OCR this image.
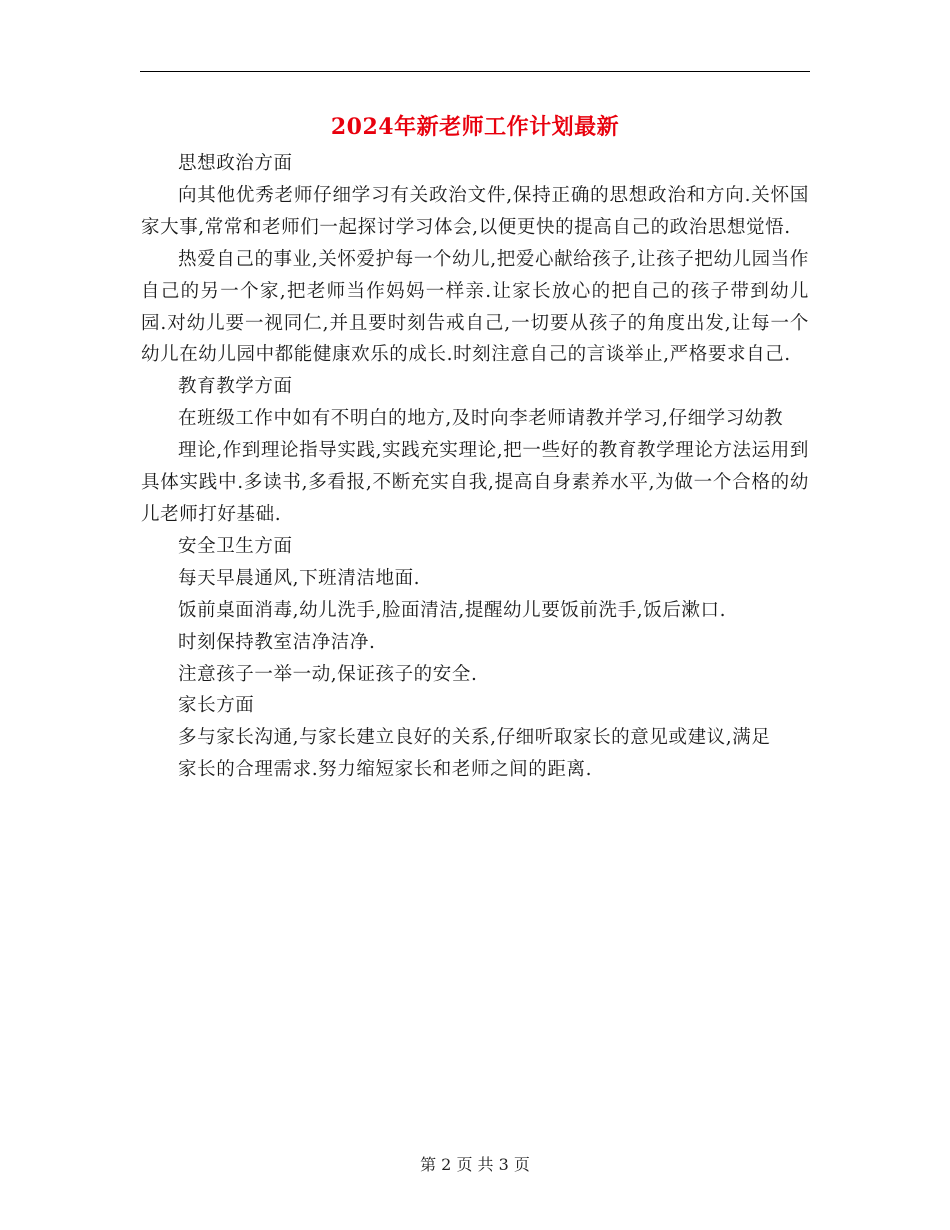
2024年新老师工作计划最新

思想政治方面

向其他优秀老师仔细学习有关政治文件,保持正确的思想政治和方向.关怀国家大事,常常和老师们一起探讨学习体会,以便更快的提高自己的政治思想觉悟.

热爱自己的事业,关怀爱护每一个幼儿,把爱心献给孩子,让孩子把幼儿园当作自己的另一个家,把老师当作妈妈一样亲.让家长放心的把自己的孩子带到幼儿园.对幼儿要一视同仁,并且要时刻告戒自己,一切要从孩子的角度出发,让每一个幼儿在幼儿园中都能健康欢乐的成长.时刻注意自己的言谈举止,严格要求自己.

教育教学方面

在班级工作中如有不明白的地方,及时向李老师请教并学习,仔细学习幼教

理论,作到理论指导实践,实践充实理论,把一些好的教育教学理论方法运用到具体实践中.多读书,多看报,不断充实自我,提高自身素养水平,为做一个合格的幼儿老师打好基础.

安全卫生方面

每天早晨通风,下班清洁地面.

饭前桌面消毒,幼儿洗手,脸面清洁,提醒幼儿要饭前洗手,饭后漱口.

时刻保持教室洁净洁净.

注意孩子一举一动,保证孩子的安全.

家长方面

多与家长沟通,与家长建立良好的关系,仔细听取家长的意见或建议,满足

家长的合理需求.努力缩短家长和老师之间的距离.

第 2 页 共 3 页
